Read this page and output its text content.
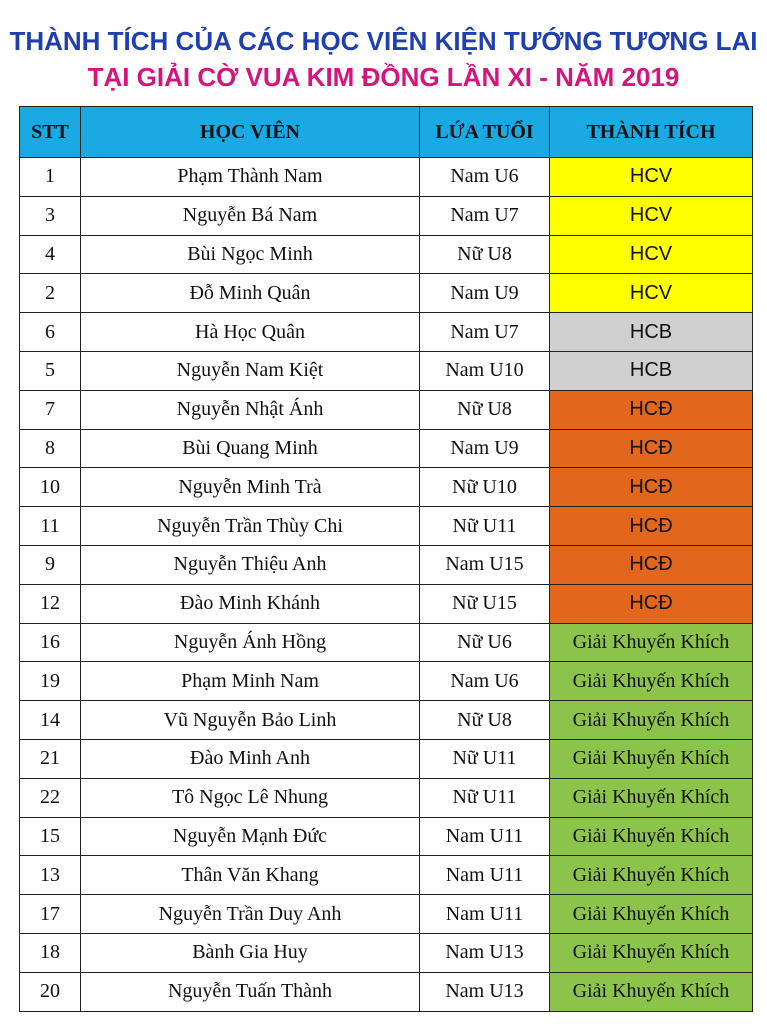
THÀNH TÍCH CỦA CÁC HỌC VIÊN KIỆN TƯỚNG TƯƠNG LAI
TẠI GIẢI CỜ VUA KIM ĐỒNG LẦN XI - NĂM 2019
STT	HỌC VIÊN	LỨA TUỔI	THÀNH TÍCH
1	Phạm Thành Nam	Nam U6	HCV
3	Nguyễn Bá Nam	Nam U7	HCV
4	Bùi Ngọc Minh	Nữ U8	HCV
2	Đỗ Minh Quân	Nam U9	HCV
6	Hà Học Quân	Nam U7	HCB
5	Nguyễn Nam Kiệt	Nam U10	HCB
7	Nguyễn Nhật Ánh	Nữ U8	HCĐ
8	Bùi Quang Minh	Nam U9	HCĐ
10	Nguyễn Minh Trà	Nữ U10	HCĐ
11	Nguyễn Trần Thùy Chi	Nữ U11	HCĐ
9	Nguyễn Thiệu Anh	Nam U15	HCĐ
12	Đào Minh Khánh	Nữ U15	HCĐ
16	Nguyễn Ánh Hồng	Nữ U6	Giải Khuyến Khích
19	Phạm Minh Nam	Nam U6	Giải Khuyến Khích
14	Vũ Nguyễn Bảo Linh	Nữ U8	Giải Khuyến Khích
21	Đào Minh Anh	Nữ U11	Giải Khuyến Khích
22	Tô Ngọc Lê Nhung	Nữ U11	Giải Khuyến Khích
15	Nguyễn Mạnh Đức	Nam U11	Giải Khuyến Khích
13	Thân Văn Khang	Nam U11	Giải Khuyến Khích
17	Nguyễn Trần Duy Anh	Nam U11	Giải Khuyến Khích
18	Bành Gia Huy	Nam U13	Giải Khuyến Khích
20	Nguyễn Tuấn Thành	Nam U13	Giải Khuyến Khích
